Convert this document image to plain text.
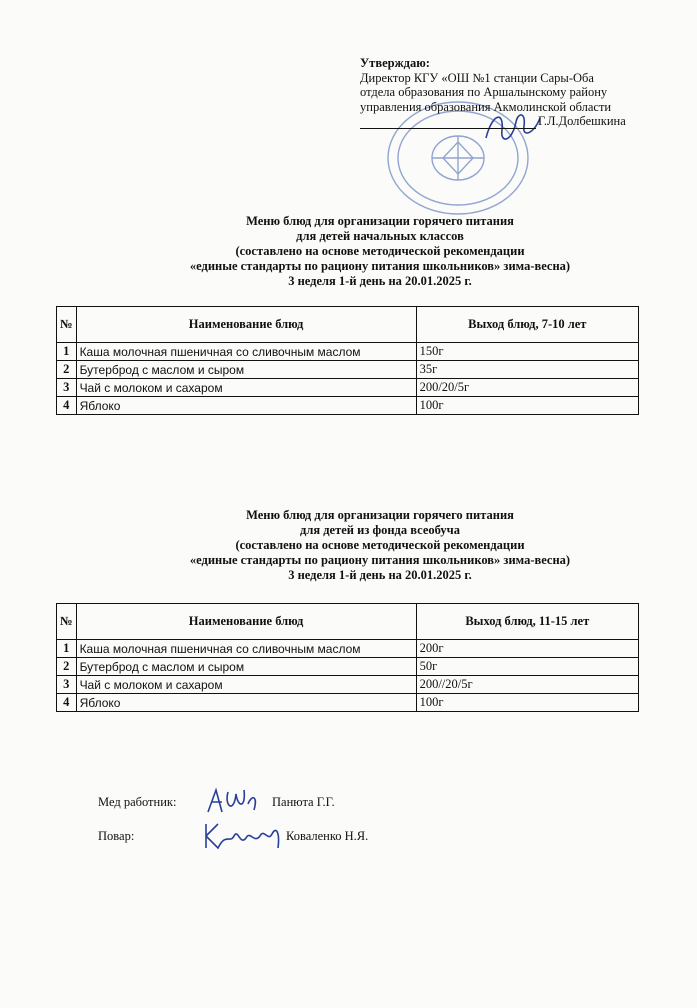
Утверждаю:
Директор КГУ «ОШ №1 станции Сары-Оба
отдела образования по Аршалынскому району
управления образования Акмолинской области
Г.Л.Долбешкина
Меню блюд для организации горячего питания
для детей начальных классов
(составлено на основе методической рекомендации
«единые стандарты по рациону питания школьников» зима-весна)
3 неделя 1-й день на 20.01.2025 г.
№	Наименование блюд	Выход блюд, 7-10 лет
1	Каша молочная пшеничная со сливочным маслом	150г
2	Бутерброд с маслом и сыром	35г
3	Чай с молоком и сахаром	200/20/5г
4	Яблоко	100г
Меню блюд для организации горячего питания
для детей из фонда всеобуча
(составлено на основе методической рекомендации
«единые стандарты по рациону питания школьников» зима-весна)
3 неделя 1-й день на 20.01.2025 г.
№	Наименование блюд	Выход блюд, 11-15 лет
1	Каша молочная пшеничная со сливочным маслом	200г
2	Бутерброд с маслом и сыром	50г
3	Чай с молоком и сахаром	200//20/5г
4	Яблоко	100г
Мед работник:	Панюта Г.Г.
Повар:	Коваленко Н.Я.
